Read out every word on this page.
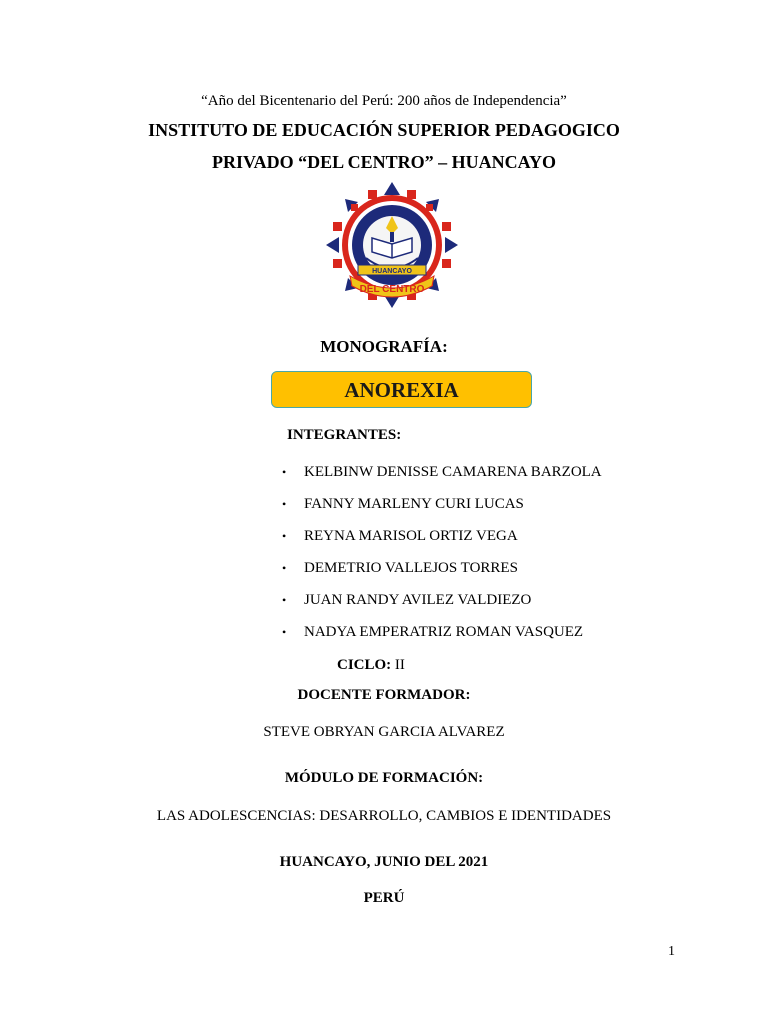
“Año del Bicentenario del Perú: 200 años de Independencia”
INSTITUTO DE EDUCACIÓN SUPERIOR PEDAGOGICO
PRIVADO “DEL CENTRO” – HUANCAYO
HUANCAYO
DEL CENTRO
MONOGRAFÍA:
ANOREXIA
INTEGRANTES:
• KELBINW DENISSE CAMARENA BARZOLA
• FANNY MARLENY CURI LUCAS
• REYNA MARISOL ORTIZ VEGA
• DEMETRIO VALLEJOS TORRES
• JUAN RANDY AVILEZ VALDIEZO
• NADYA EMPERATRIZ ROMAN VASQUEZ
CICLO: II
DOCENTE FORMADOR:
STEVE OBRYAN GARCIA ALVAREZ
MÓDULO DE FORMACIÓN:
LAS ADOLESCENCIAS: DESARROLLO, CAMBIOS E IDENTIDADES
HUANCAYO, JUNIO DEL 2021
PERÚ
1
